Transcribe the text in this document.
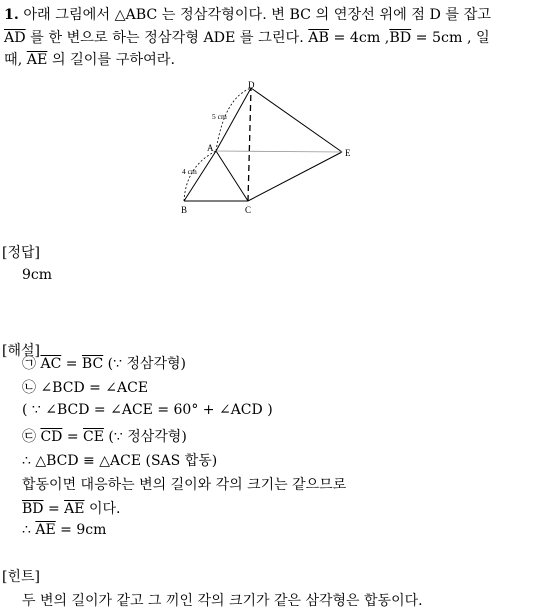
1. 아래 그림에서 △ABC 는 정삼각형이다. 변 BC 의 연장선 위에 점 D 를 잡고
$\overline{AD}$ 를 한 변으로 하는 정삼각형 ADE 를 그린다. $\overline{AB} = 4cm$ $,\overline{BD} = 5cm$ , 일
때, $\overline{AE}$ 의 길이를 구하여라.
D
A	E
B	C
5 cm
4 cm
[정답]
9cm
[해설]
㉠ $\overline{AC} = \overline{BC}$ (∵ 정삼각형)
㉡ ∠BCD = ∠ACE
( ∵ ∠BCD = ∠ACE = 60° + ∠ACD )
㉢ $\overline{CD} = \overline{CE}$ (∵ 정삼각형)
∴ △BCD ≡ △ACE (SAS 합동)
합동이면 대응하는 변의 길이와 각의 크기는 같으므로
$\overline{BD} = \overline{AE}$ 이다.
∴ $\overline{AE} = 9cm$
[힌트]
두 변의 길이가 같고 그 끼인 각의 크기가 같은 삼각형은 합동이다.
